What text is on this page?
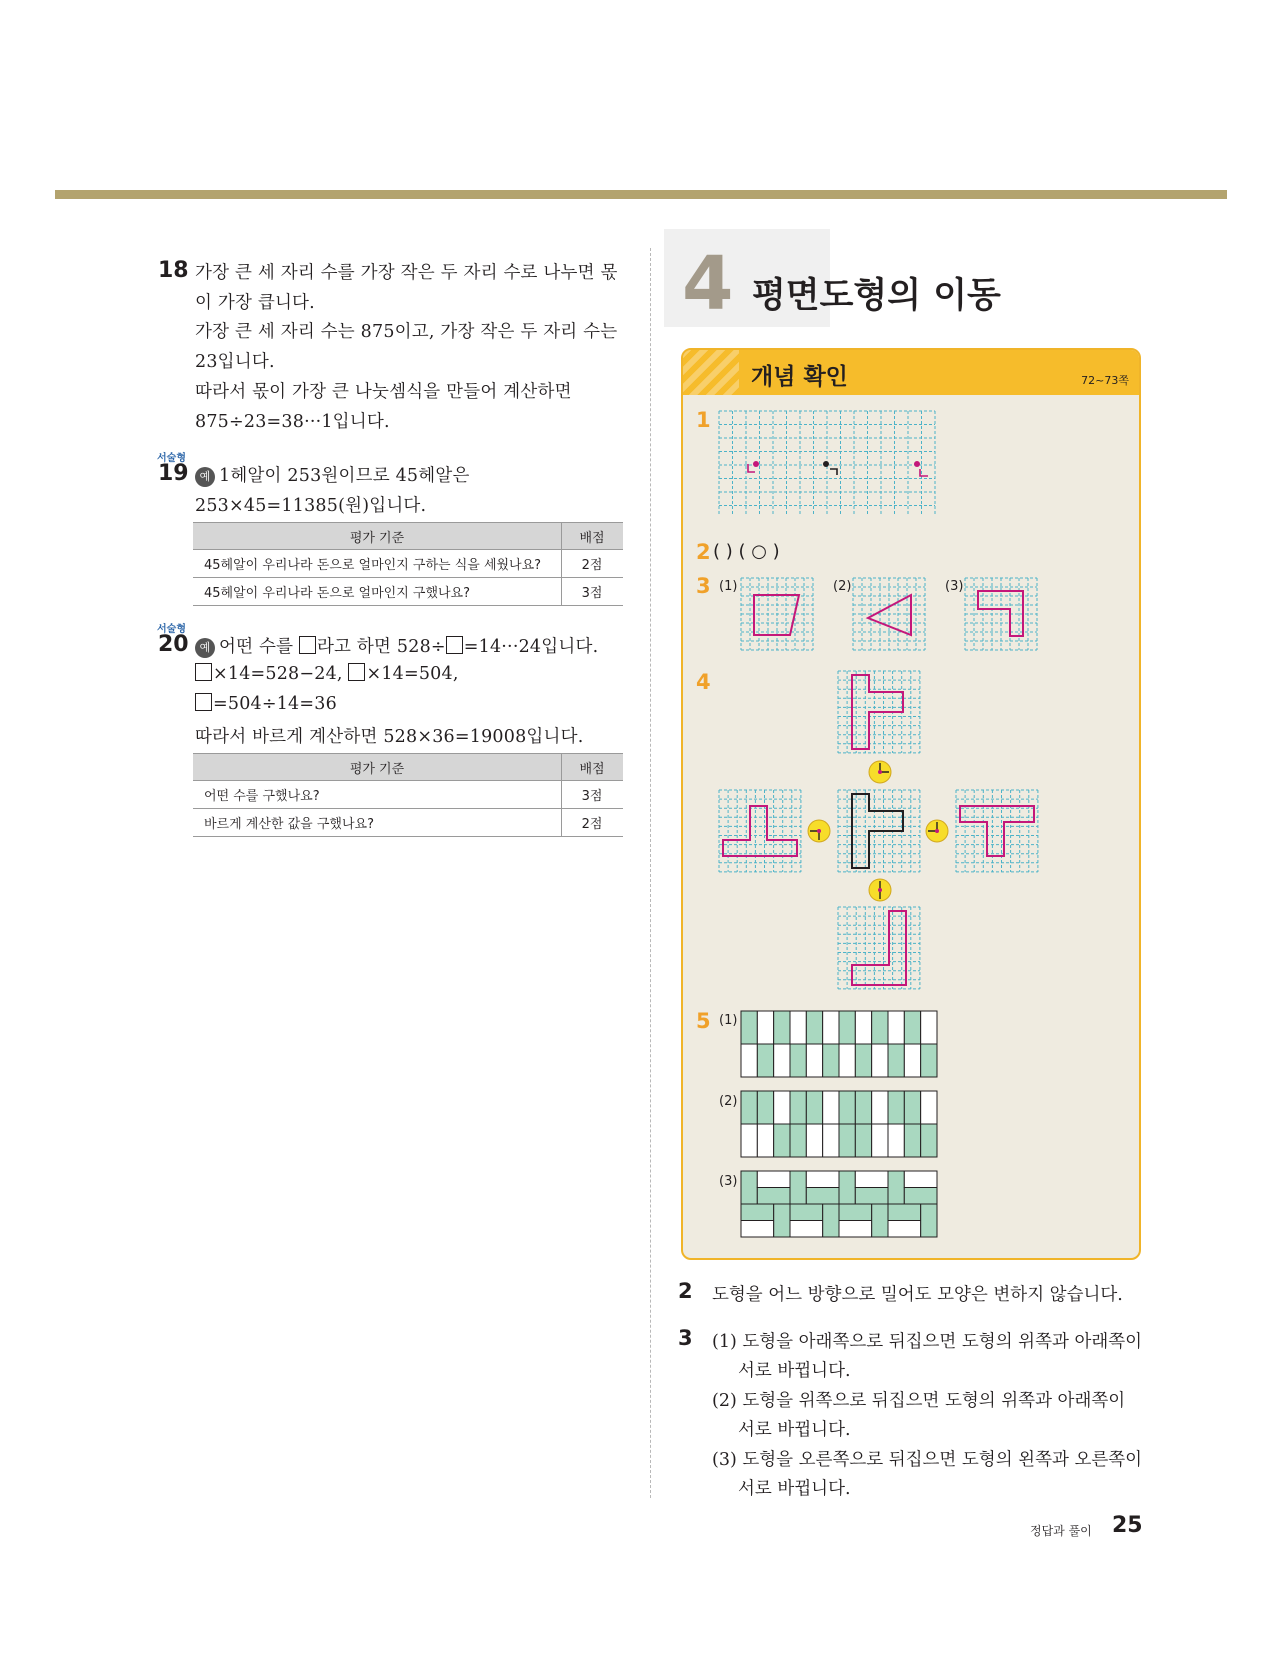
18 가장 큰 세 자리 수를 가장 작은 두 자리 수로 나누면 몫
이 가장 큽니다.
가장 큰 세 자리 수는 875이고, 가장 작은 두 자리 수는
23입니다.
따라서 몫이 가장 큰 나눗셈식을 만들어 계산하면
875÷23=38···1입니다.
서술형
19 예 1헤알이 253원이므로 45헤알은
253×45=11385(원)입니다.
평가 기준	배점
45헤알이 우리나라 돈으로 얼마인지 구하는 식을 세웠나요?	2점
45헤알이 우리나라 돈으로 얼마인지 구했나요?	3점
서술형
20 예 어떤 수를 라고 하면 528÷ =14···24입니다.
×14=528−24, ×14=504,
=504÷14=36
따라서 바르게 계산하면 528×36=19008입니다.
평가 기준	배점
어떤 수를 구했나요?	3점
바르게 계산한 값을 구했나요?	2점
4 평면도형의 이동
개념 확인	72~73쪽
1
2 ( ) ( ○ )
3 (1)	(2)	(3)
4
5 (1)
(2)
(3)
2 도형을 어느 방향으로 밀어도 모양은 변하지 않습니다.
3 (1) 도형을 아래쪽으로 뒤집으면 도형의 위쪽과 아래쪽이
서로 바뀝니다.
(2) 도형을 위쪽으로 뒤집으면 도형의 위쪽과 아래쪽이
서로 바뀝니다.
(3) 도형을 오른쪽으로 뒤집으면 도형의 왼쪽과 오른쪽이
서로 바뀝니다.
정답과 풀이 25
